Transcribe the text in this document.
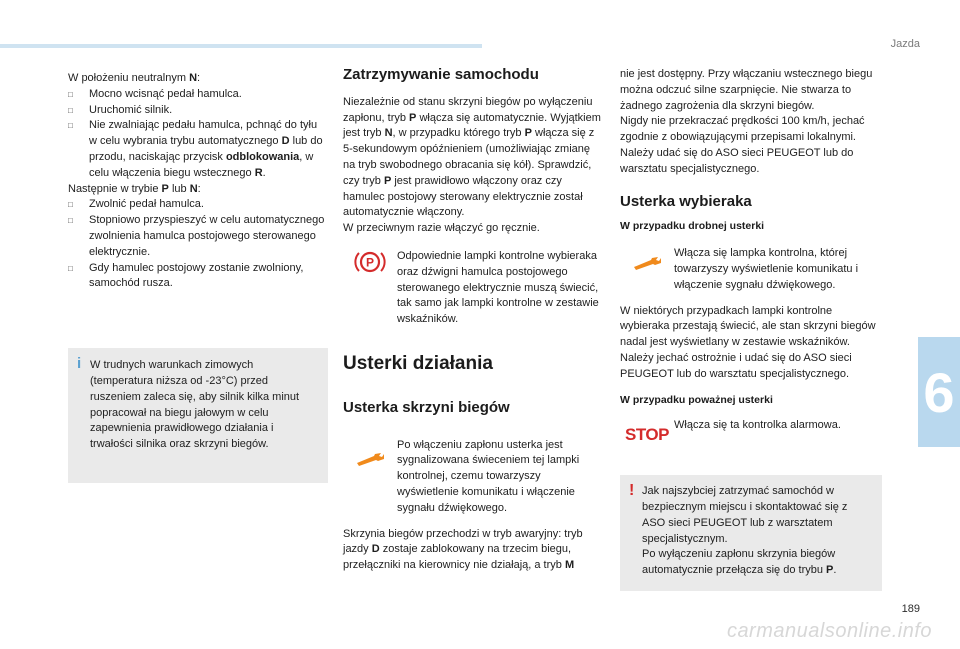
Jazda
6
189
carmanualsonline.info

W położeniu neutralnym N:

□ Mocno wcisnąć pedał hamulca.

□ Uruchomić silnik.

□ Nie zwalniając pedału hamulca, pchnąć do tyłu w celu wybrania trybu automatycznego D lub do przodu, naciskając przycisk odblokowania, w celu włączenia biegu wstecznego R.

Następnie w trybie P lub N:

□ Zwolnić pedał hamulca.

□ Stopniowo przyspieszyć w celu automatycznego zwolnienia hamulca postojowego sterowanego elektrycznie.

□ Gdy hamulec postojowy zostanie zwolniony, samochód rusza.

i W trudnych warunkach zimowych (temperatura niższa od -23°C) przed ruszeniem zaleca się, aby silnik kilka minut popracował na biegu jałowym w celu zapewnienia prawidłowego działania i trwałości silnika oraz skrzyni biegów.

Zatrzymywanie samochodu

Niezależnie od stanu skrzyni biegów po wyłączeniu zapłonu, tryb P włącza się automatycznie. Wyjątkiem jest tryb N, w przypadku którego tryb P włącza się z 5-sekundowym opóźnieniem (umożliwiając zmianę na tryb swobodnego obracania się kół). Sprawdzić, czy tryb P jest prawidłowo włączony oraz czy hamulec postojowy sterowany elektrycznie został automatycznie włączony.

W przeciwnym razie włączyć go ręcznie.

P Odpowiednie lampki kontrolne wybieraka oraz dźwigni hamulca postojowego sterowanego elektrycznie muszą świecić, tak samo jak lampki kontrolne w zestawie wskaźników.

Usterki działania
Usterka skrzyni biegów

Po włączeniu zapłonu usterka jest sygnalizowana świeceniem tej lampki kontrolnej, czemu towarzyszy wyświetlenie komunikatu i włączenie sygnału dźwiękowego.

Skrzynia biegów przechodzi w tryb awaryjny: tryb jazdy D zostaje zablokowany na trzecim biegu, przełączniki na kierownicy nie działają, a tryb M

nie jest dostępny. Przy włączaniu wstecznego biegu można odczuć silne szarpnięcie. Nie stwarza to żadnego zagrożenia dla skrzyni biegów.

Nigdy nie przekraczać prędkości 100 km/h, jechać zgodnie z obowiązującymi przepisami lokalnymi.

Należy udać się do ASO sieci PEUGEOT lub do warsztatu specjalistycznego.

Usterka wybieraka
W przypadku drobnej usterki

Włącza się lampka kontrolna, której towarzyszy wyświetlenie komunikatu i włączenie sygnału dźwiękowego.

W niektórych przypadkach lampki kontrolne wybieraka przestają świecić, ale stan skrzyni biegów nadal jest wyświetlany w zestawie wskaźników.

Należy jechać ostrożnie i udać się do ASO sieci PEUGEOT lub do warsztatu specjalistycznego.

W przypadku poważnej usterki
STOP Włącza się ta kontrolka alarmowa.

! Jak najszybciej zatrzymać samochód w bezpiecznym miejscu i skontaktować się z ASO sieci PEUGEOT lub z warsztatem specjalistycznym.

Po wyłączeniu zapłonu skrzynia biegów automatycznie przełącza się do trybu P.
